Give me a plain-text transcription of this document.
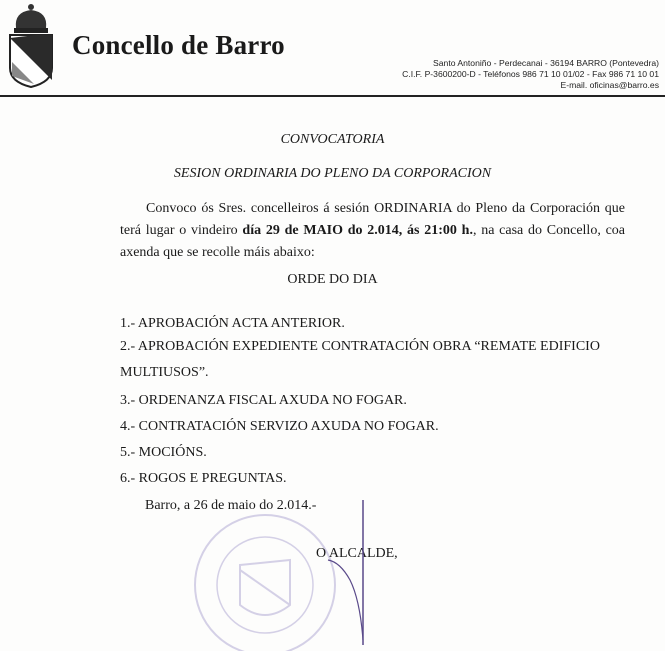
Concello de Barro
Santo Antoniño - Perdecanai - 36194 BARRO (Pontevedra)
C.I.F. P-3600200-D - Teléfonos 986 71 10 01/02 - Fax 986 71 10 01
E-mail. oficinas@barro.es
CONVOCATORIA
SESION ORDINARIA DO PLENO DA CORPORACION
Convoco ós Sres. concelleiros á sesión ORDINARIA do Pleno da Corporación que terá lugar o vindeiro día 29 de MAIO do 2.014, ás 21:00 h., na casa do Concello, coa axenda que se recolle máis abaixo:
ORDE DO DIA
1.- APROBACIÓN ACTA ANTERIOR.
2.- APROBACIÓN EXPEDIENTE CONTRATACIÓN OBRA “REMATE EDIFICIO
MULTIUSOS”.
3.- ORDENANZA FISCAL AXUDA NO FOGAR.
4.- CONTRATACIÓN SERVIZO AXUDA NO FOGAR.
5.- MOCIÓNS.
6.- ROGOS E PREGUNTAS.
Barro, a 26 de maio do 2.014.-
O ALCALDE,
